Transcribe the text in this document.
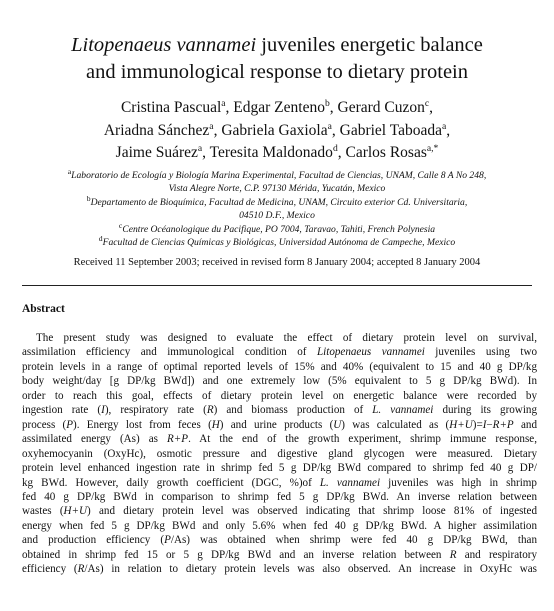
Litopenaeus vannamei juveniles energetic balance
and immunological response to dietary protein
Cristina Pascual$^a$, Edgar Zenteno$^b$, Gerard Cuzon$^c$,
Ariadna Sánchez$^a$, Gabriela Gaxiola$^a$, Gabriel Taboada$^a$,
Jaime Suárez$^a$, Teresita Maldonado$^d$, Carlos Rosas$^{a,*}$
$^a$Laboratorio de Ecología y Biología Marina Experimental, Facultad de Ciencias, UNAM, Calle 8 A No 248,
Vista Alegre Norte, C.P. 97130 Mérida, Yucatán, Mexico
$^b$Departamento de Bioquímica, Facultad de Medicina, UNAM, Circuito exterior Cd. Universitaria,
04510 D.F., Mexico
$^c$Centre Océanologique du Pacifique, PO 7004, Taravao, Tahiti, French Polynesia
$^d$Facultad de Ciencias Químicas y Biológicas, Universidad Autónoma de Campeche, Mexico
Received 11 September 2003; received in revised form 8 January 2004; accepted 8 January 2004
Abstract
The present study was designed to evaluate the effect of dietary protein level on survival,
assimilation efficiency and immunological condition of Litopenaeus vannamei juveniles using two
protein levels in a range of optimal reported levels of 15% and 40% (equivalent to 15 and 40 g DP/kg
body weight/day [g DP/kg BWd]) and one extremely low (5% equivalent to 5 g DP/kg BWd). In
order to reach this goal, effects of dietary protein level on energetic balance were recorded by
ingestion rate (I), respiratory rate (R) and biomass production of L. vannamei during its growing
process (P). Energy lost from feces (H) and urine products (U) was calculated as (H+U)=I−R+P and
assimilated energy (As) as R+P. At the end of the growth experiment, shrimp immune response,
oxyhemocyanin (OxyHc), osmotic pressure and digestive gland glycogen were measured. Dietary
protein level enhanced ingestion rate in shrimp fed 5 g DP/kg BWd compared to shrimp fed 40 g DP/
kg BWd. However, daily growth coefficient (DGC, %)of L. vannamei juveniles was high in shrimp
fed 40 g DP/kg BWd in comparison to shrimp fed 5 g DP/kg BWd. An inverse relation between
wastes (H+U) and dietary protein level was observed indicating that shrimp loose 81% of ingested
energy when fed 5 g DP/kg BWd and only 5.6% when fed 40 g DP/kg BWd. A higher assimilation
and production efficiency (P/As) was obtained when shrimp were fed 40 g DP/kg BWd, than
obtained in shrimp fed 15 or 5 g DP/kg BWd and an inverse relation between R and respiratory
efficiency (R/As) in relation to dietary protein levels was also observed. An increase in OxyHc was
